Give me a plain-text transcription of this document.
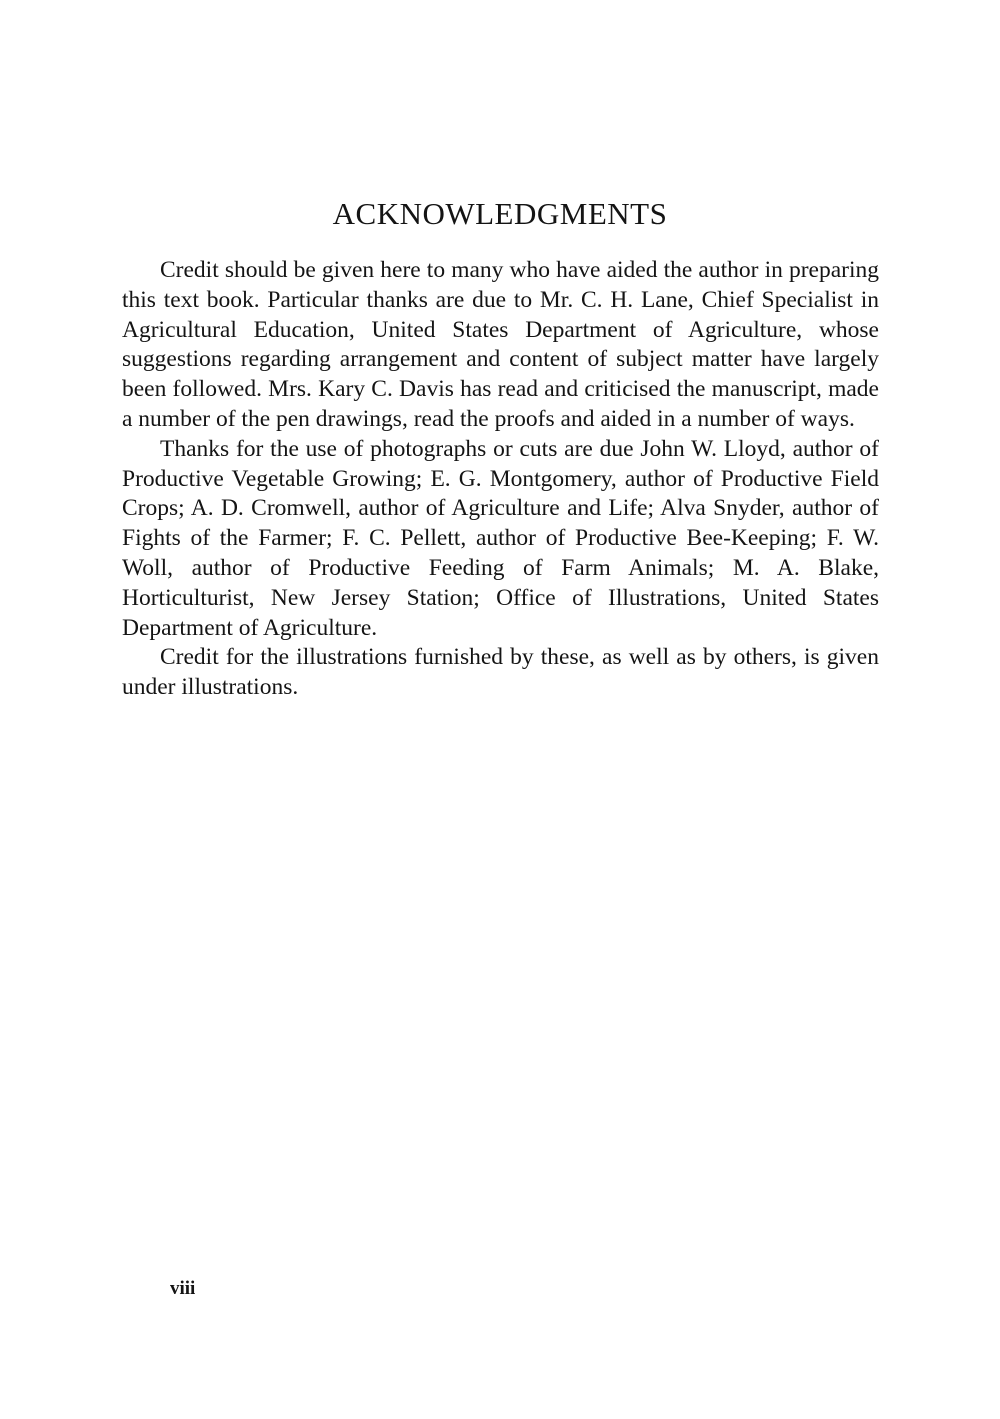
ACKNOWLEDGMENTS

Credit should be given here to many who have aided the author in preparing this text book. Particular thanks are due to Mr. C. H. Lane, Chief Specialist in Agricultural Education, United States Department of Agriculture, whose suggestions regarding arrangement and content of subject matter have largely been followed. Mrs. Kary C. Davis has read and criticised the manuscript, made a number of the pen drawings, read the proofs and aided in a number of ways.

Thanks for the use of photographs or cuts are due John W. Lloyd, author of Productive Vegetable Growing; E. G. Montgomery, author of Productive Field Crops; A. D. Cromwell, author of Agriculture and Life; Alva Snyder, author of Fights of the Farmer; F. C. Pellett, author of Productive Bee-Keeping; F. W. Woll, author of Productive Feeding of Farm Animals; M. A. Blake, Horticulturist, New Jersey Station; Office of Illustrations, United States Department of Agriculture.

Credit for the illustrations furnished by these, as well as by others, is given under illustrations.

viii
